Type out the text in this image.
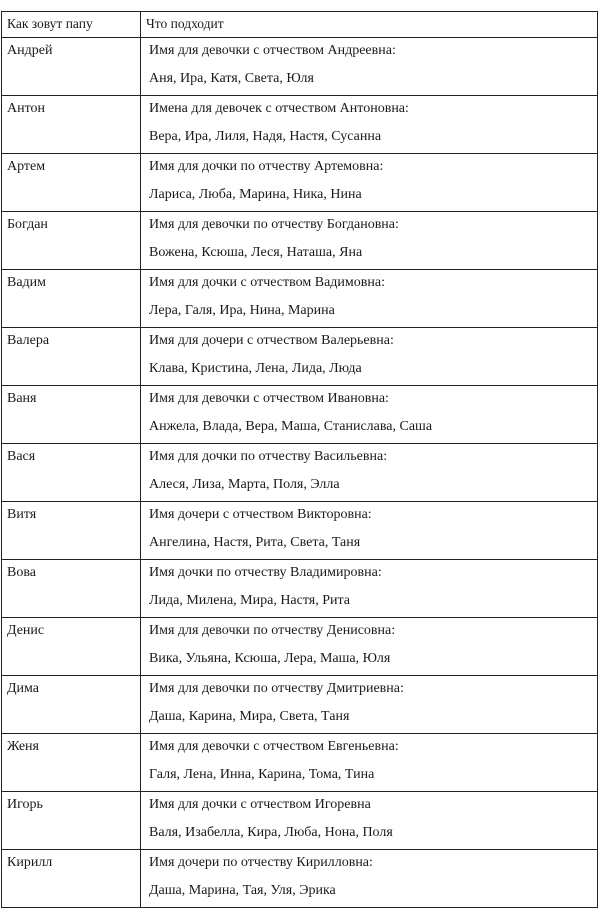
Как зовут папу	Что подходит
Андрей	Имя для девочки с отчеством Андреевна:
Аня, Ира, Катя, Света, Юля

Антон	Имена для девочек с отчеством Антоновна:
Вера, Ира, Лиля, Надя, Настя, Сусанна

Артем	Имя для дочки по отчеству Артемовна:
Лариса, Люба, Марина, Ника, Нина

Богдан	Имя для девочки по отчеству Богдановна:
Вожена, Ксюша, Леся, Наташа, Яна

Вадим	Имя для дочки с отчеством Вадимовна:
Лера, Галя, Ира, Нина, Марина

Валера	Имя для дочери с отчеством Валерьевна:
Клава, Кристина, Лена, Лида, Люда

Ваня	Имя для девочки с отчеством Ивановна:
Анжела, Влада, Вера, Маша, Станислава, Саша

Вася	Имя для дочки по отчеству Васильевна:
Алеся, Лиза, Марта, Поля, Элла

Витя	Имя дочери с отчеством Викторовна:
Ангелина, Настя, Рита, Света, Таня

Вова	Имя дочки по отчеству Владимировна:
Лида, Милена, Мира, Настя, Рита

Денис	Имя для девочки по отчеству Денисовна:
Вика, Ульяна, Ксюша, Лера, Маша, Юля

Дима	Имя для девочки по отчеству Дмитриевна:
Даша, Карина, Мира, Света, Таня

Женя	Имя для девочки с отчеством Евгеньевна:
Галя, Лена, Инна, Карина, Тома, Тина

Игорь	Имя для дочки с отчеством Игоревна
Валя, Изабелла, Кира, Люба, Нона, Поля

Кирилл	Имя дочери по отчеству Кирилловна:
Даша, Марина, Тая, Уля, Эрика
